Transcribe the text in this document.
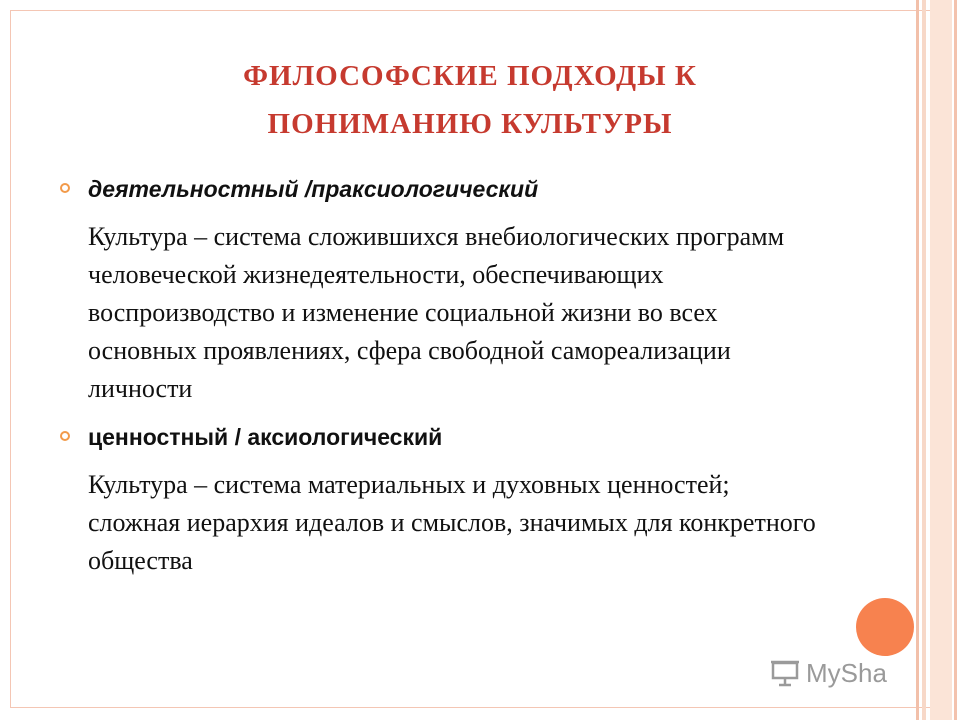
ФИЛОСОФСКИЕ ПОДХОДЫ К
ПОНИМАНИЮ КУЛЬТУРЫ
деятельностный /праксиологический
Культура – система сложившихся внебиологических программ человеческой жизнедеятельности, обеспечивающих воспроизводство и изменение социальной жизни во всех основных проявлениях, сфера свободной самореализации личности
ценностный / аксиологический
Культура – система материальных и духовных ценностей; сложная иерархия идеалов и смыслов, значимых для конкретного общества
MySha
